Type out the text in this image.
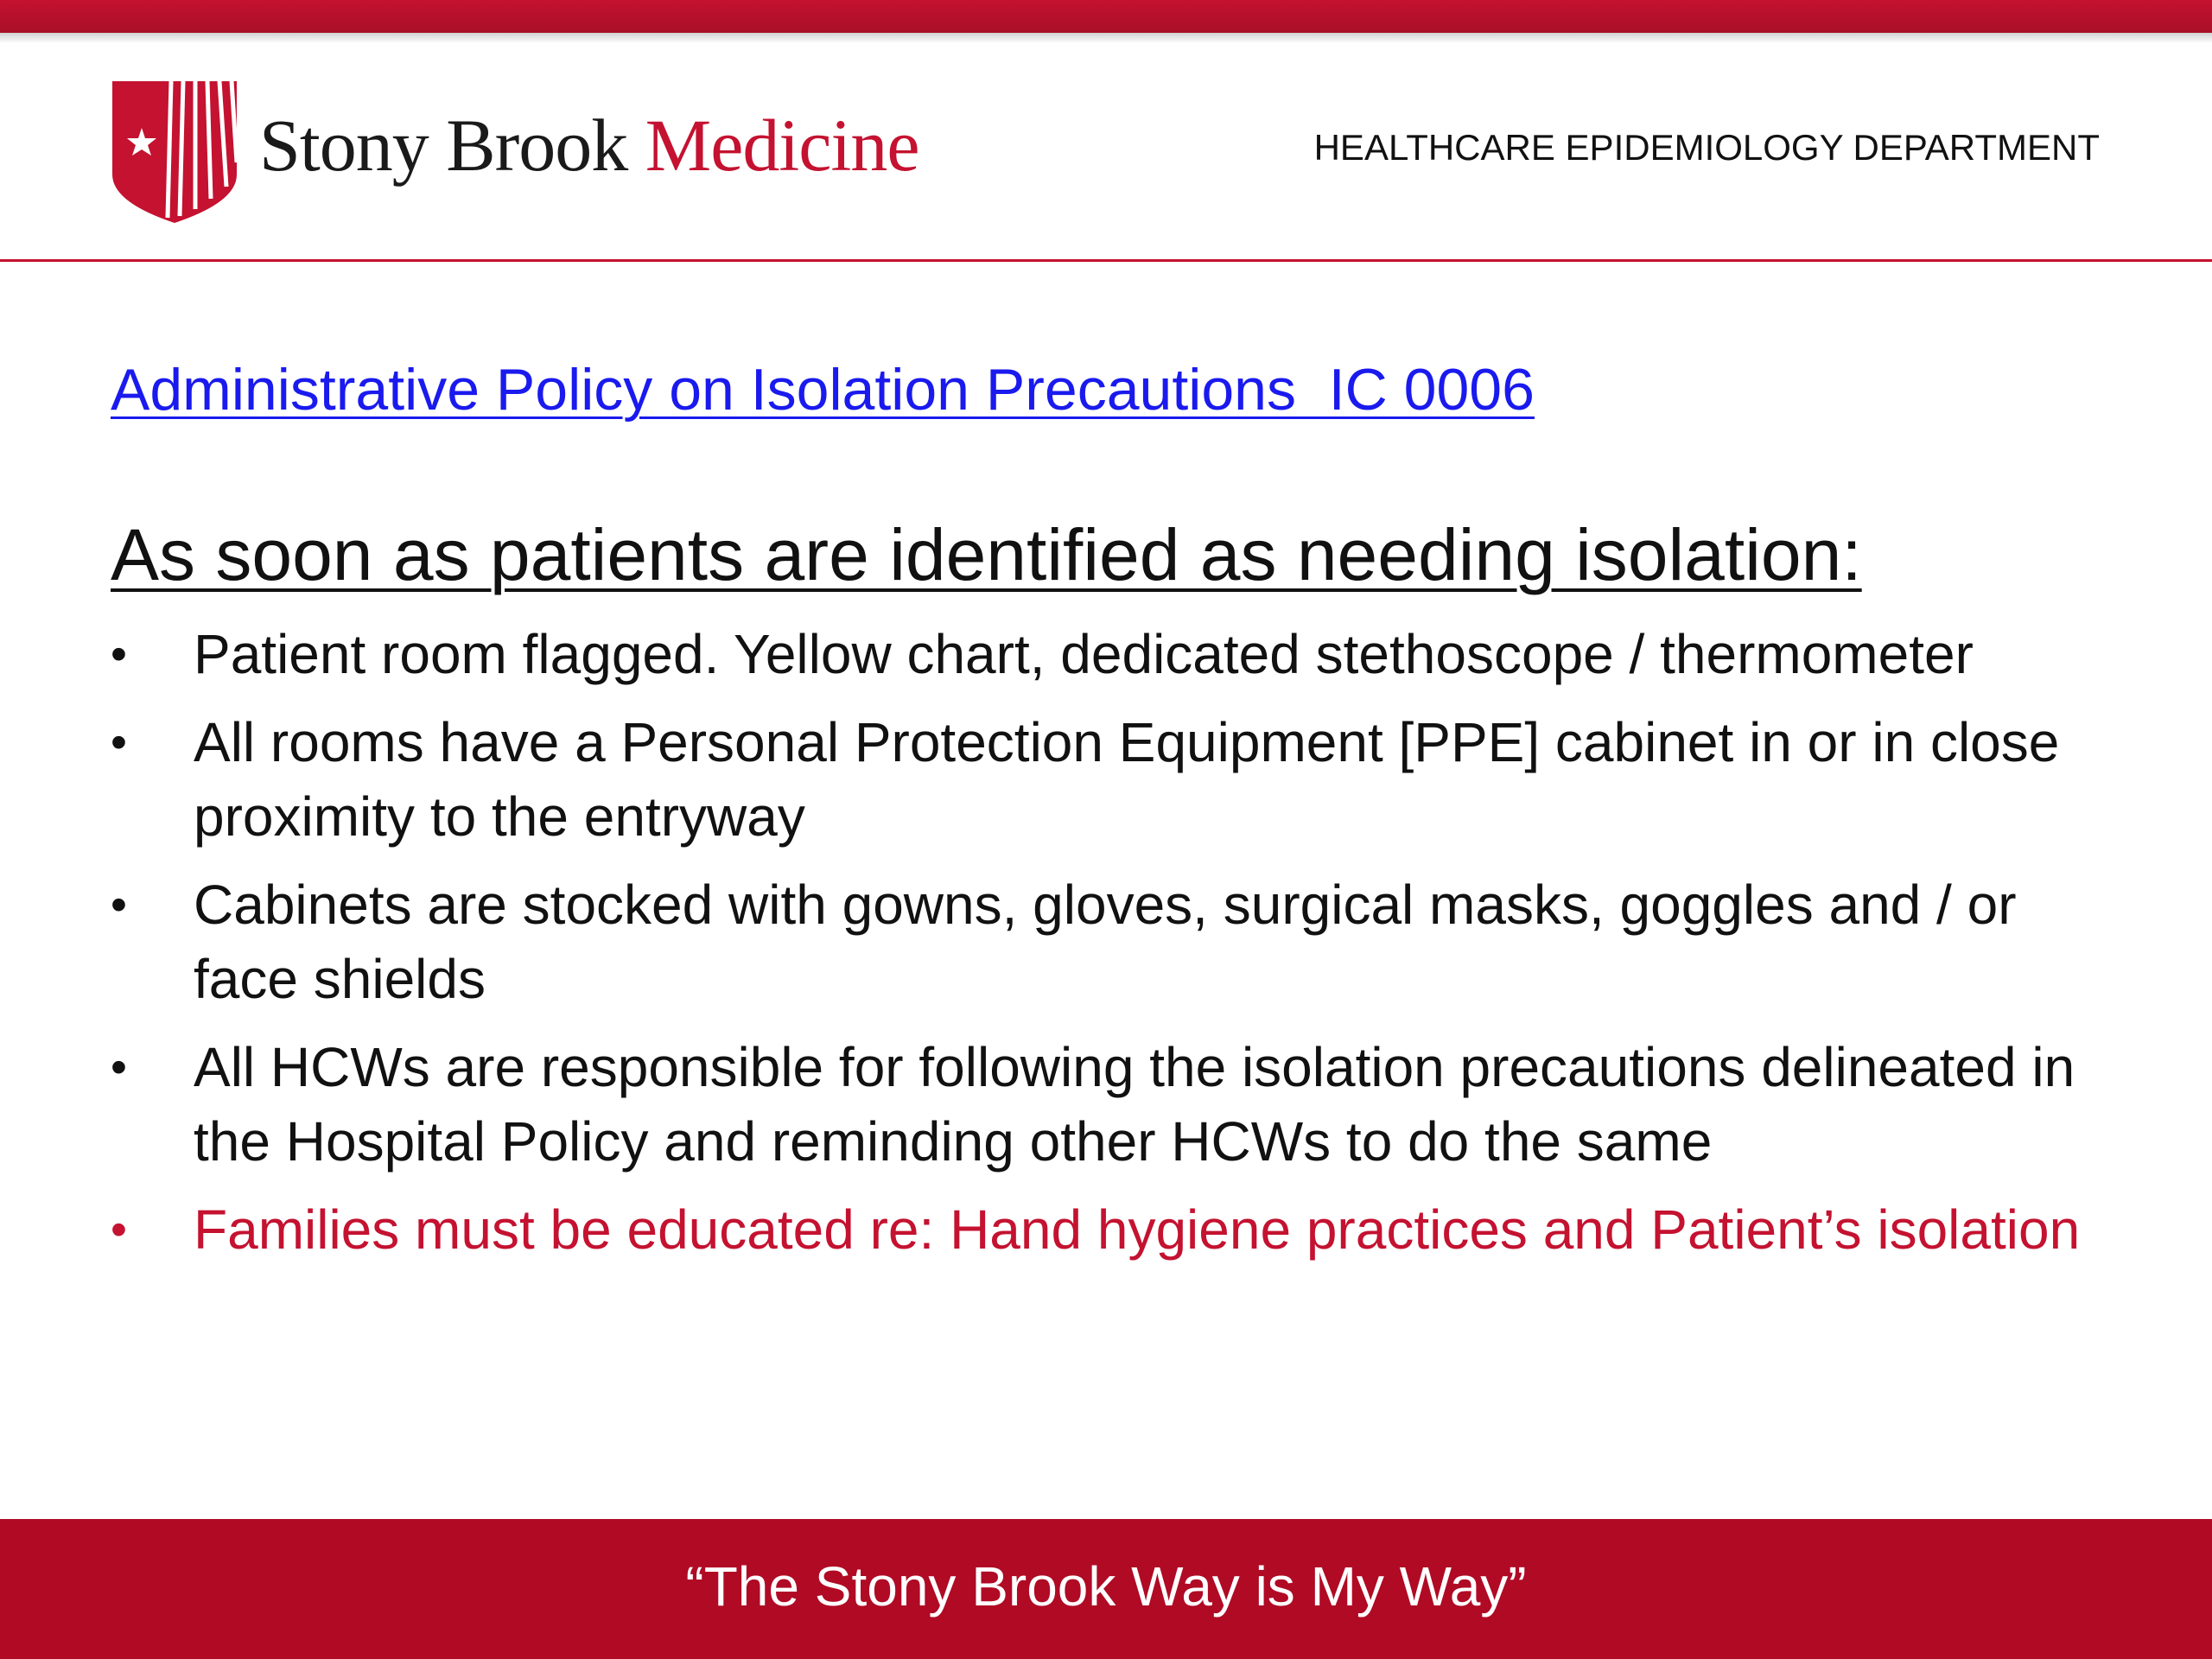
Stony Brook Medicine	HEALTHCARE EPIDEMIOLOGY DEPARTMENT
Administrative Policy on Isolation Precautions  IC 0006
As soon as patients are identified as needing isolation:
• Patient room flagged. Yellow chart, dedicated stethoscope / thermometer
• All rooms have a Personal Protection Equipment [PPE] cabinet in or in close proximity to the entryway
• Cabinets are stocked with gowns, gloves, surgical masks, goggles and / or face shields
• All HCWs are responsible for following the isolation precautions delineated in the Hospital Policy and reminding other HCWs to do the same
• Families must be educated re: Hand hygiene practices and Patient’s isolation
“The Stony Brook Way is My Way”
